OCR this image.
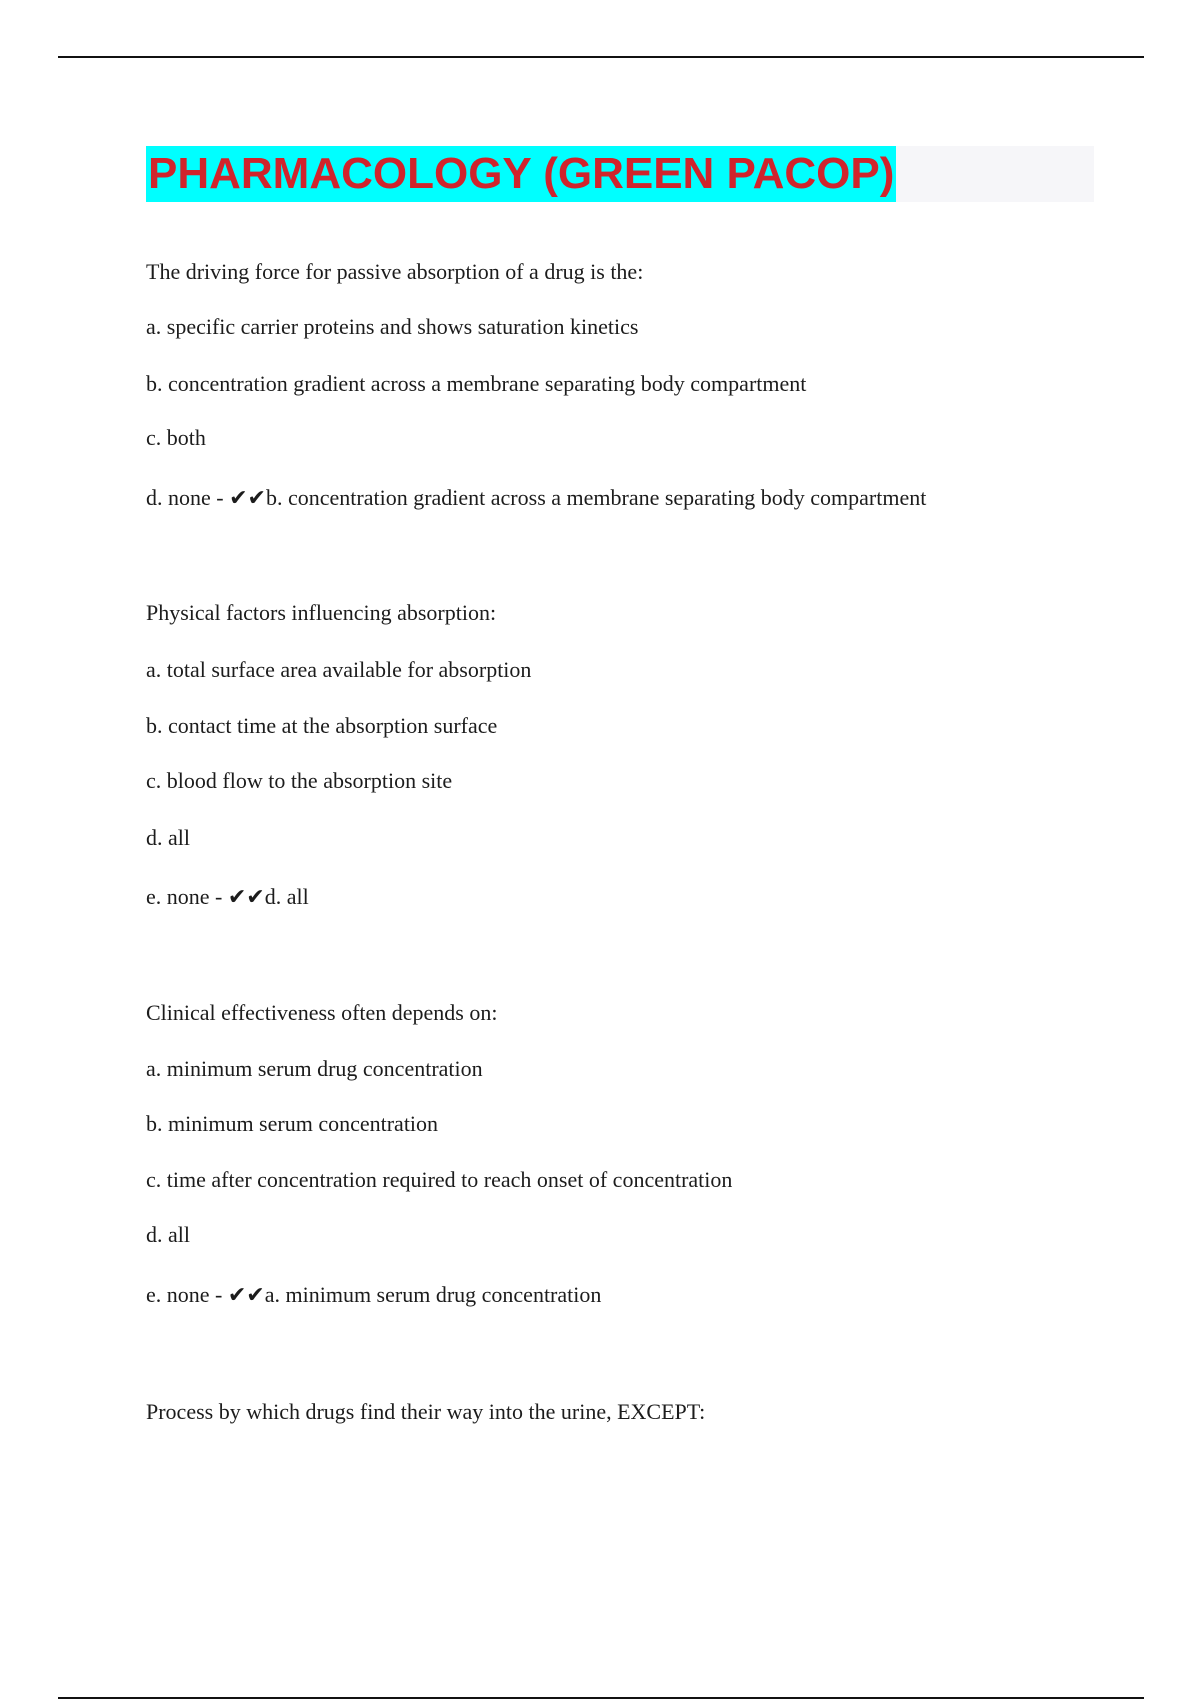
PHARMACOLOGY (GREEN PACOP)
The driving force for passive absorption of a drug is the:
a. specific carrier proteins and shows saturation kinetics
b. concentration gradient across a membrane separating body compartment
c. both
d. none - ✔✔b. concentration gradient across a membrane separating body compartment
Physical factors influencing absorption:
a. total surface area available for absorption
b. contact time at the absorption surface
c. blood flow to the absorption site
d. all
e. none - ✔✔d. all
Clinical effectiveness often depends on:
a. minimum serum drug concentration
b. minimum serum concentration
c. time after concentration required to reach onset of concentration
d. all
e. none - ✔✔a. minimum serum drug concentration
Process by which drugs find their way into the urine, EXCEPT:
